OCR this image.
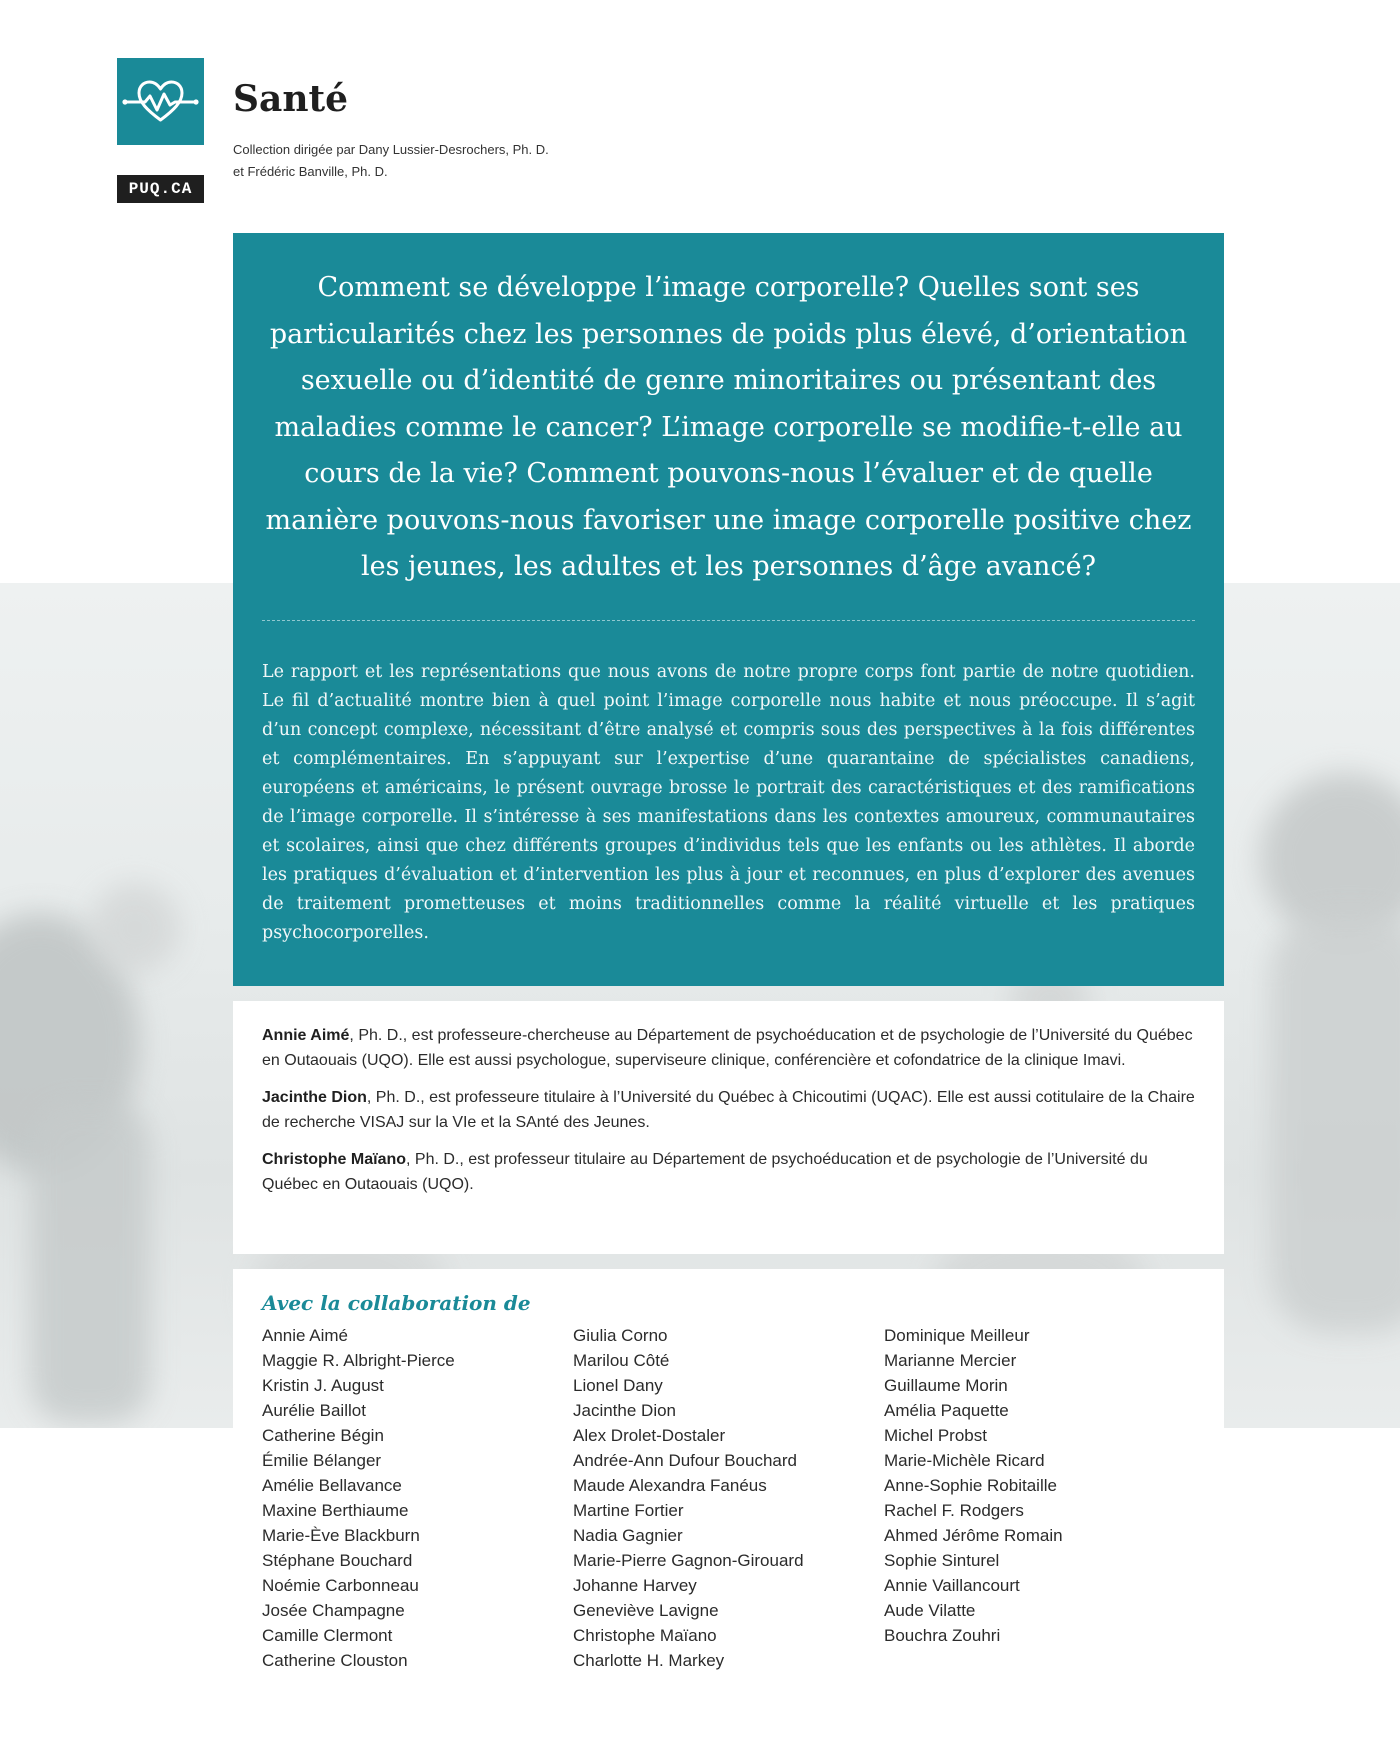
PUQ.CA
Santé
Collection dirigée par Dany Lussier-Desrochers, Ph. D.
et Frédéric Banville, Ph. D.

Comment se développe l’image corporelle? Quelles sont ses particularités chez les personnes de poids plus élevé, d’orientation sexuelle ou d’identité de genre minoritaires ou présentant des maladies comme le cancer? L’image corporelle se modifie-t-elle au cours de la vie? Comment pouvons-nous l’évaluer et de quelle manière pouvons-nous favoriser une image corporelle positive chez les jeunes, les adultes et les personnes d’âge avancé?

Le rapport et les représentations que nous avons de notre propre corps font partie de notre quotidien. Le fil d’actualité montre bien à quel point l’image corporelle nous habite et nous préoccupe. Il s’agit d’un concept complexe, nécessitant d’être analysé et compris sous des perspectives à la fois différentes et complémentaires. En s’appuyant sur l’expertise d’une quarantaine de spécialistes canadiens, européens et américains, le présent ouvrage brosse le portrait des caractéristiques et des ramifications de l’image corporelle. Il s’intéresse à ses manifestations dans les contextes amoureux, communautaires et scolaires, ainsi que chez différents groupes d’individus tels que les enfants ou les athlètes. Il aborde les pratiques d’évaluation et d’intervention les plus à jour et reconnues, en plus d’explorer des avenues de traitement prometteuses et moins traditionnelles comme la réalité virtuelle et les pratiques psychocorporelles.

Annie Aimé, Ph. D., est professeure-chercheuse au Département de psychoéducation et de psychologie de l’Université du Québec en Outaouais (UQO). Elle est aussi psychologue, superviseure clinique, conférencière et cofondatrice de la clinique Imavi.

Jacinthe Dion, Ph. D., est professeure titulaire à l’Université du Québec à Chicoutimi (UQAC). Elle est aussi cotitulaire de la Chaire de recherche VISAJ sur la VIe et la SAnté des Jeunes.

Christophe Maïano, Ph. D., est professeur titulaire au Département de psychoéducation et de psychologie de l’Université du Québec en Outaouais (UQO).

Avec la collaboration de
Annie Aimé
Maggie R. Albright-Pierce
Kristin J. August
Aurélie Baillot
Catherine Bégin
Émilie Bélanger
Amélie Bellavance
Maxine Berthiaume
Marie-Ève Blackburn
Stéphane Bouchard
Noémie Carbonneau
Josée Champagne
Camille Clermont
Catherine Clouston
Giulia Corno
Marilou Côté
Lionel Dany
Jacinthe Dion
Alex Drolet-Dostaler
Andrée-Ann Dufour Bouchard
Maude Alexandra Fanéus
Martine Fortier
Nadia Gagnier
Marie-Pierre Gagnon-Girouard
Johanne Harvey
Geneviève Lavigne
Christophe Maïano
Charlotte H. Markey
Dominique Meilleur
Marianne Mercier
Guillaume Morin
Amélia Paquette
Michel Probst
Marie-Michèle Ricard
Anne-Sophie Robitaille
Rachel F. Rodgers
Ahmed Jérôme Romain
Sophie Sinturel
Annie Vaillancourt
Aude Vilatte
Bouchra Zouhri
